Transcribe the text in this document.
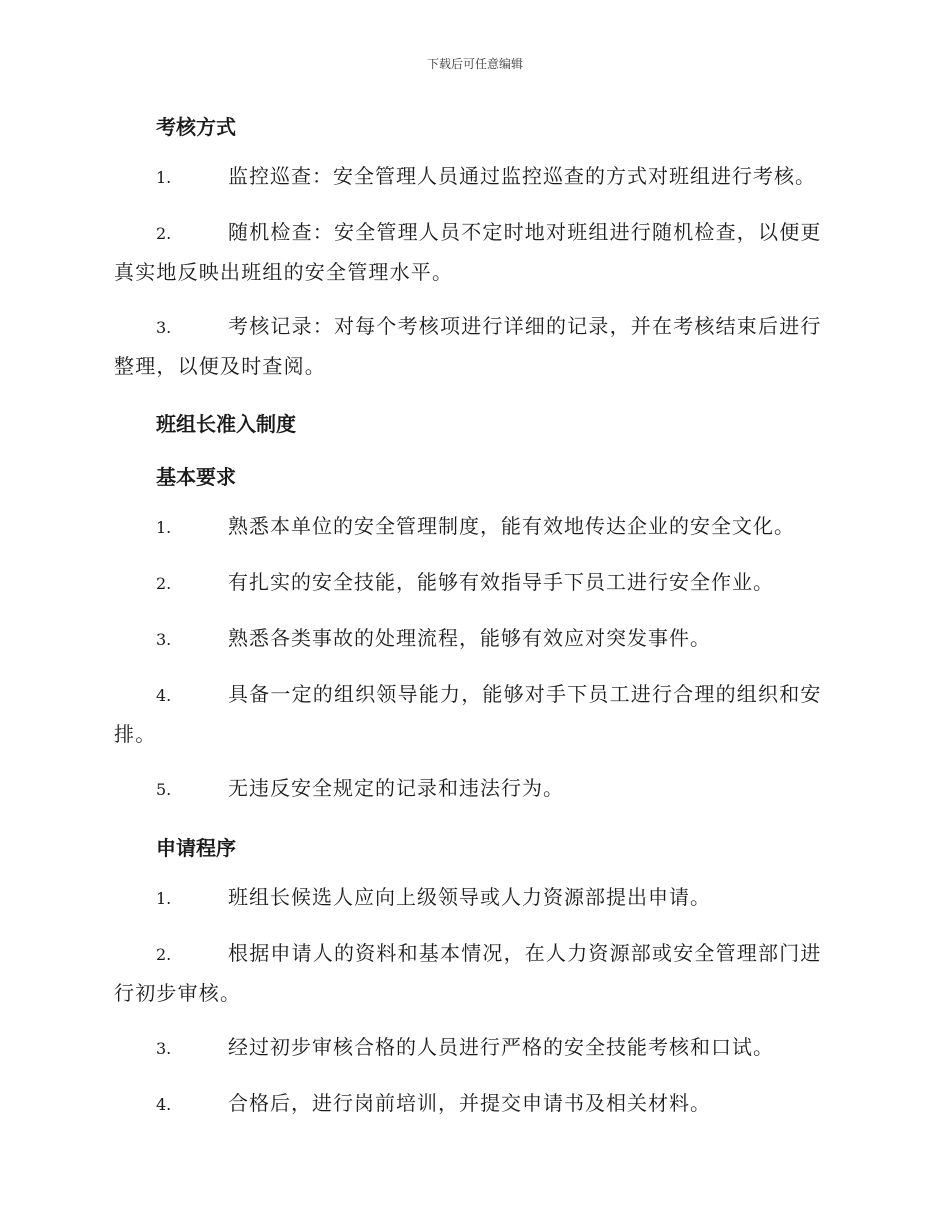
下载后可任意编辑
考核方式
1.	监控巡查：安全管理人员通过监控巡查的方式对班组进行考核。
2.	随机检查：安全管理人员不定时地对班组进行随机检查，以便更真实地反映出班组的安全管理水平。
3.	考核记录：对每个考核项进行详细的记录，并在考核结束后进行整理，以便及时查阅。
班组长准入制度
基本要求
1.	熟悉本单位的安全管理制度，能有效地传达企业的安全文化。
2.	有扎实的安全技能，能够有效指导手下员工进行安全作业。
3.	熟悉各类事故的处理流程，能够有效应对突发事件。
4.	具备一定的组织领导能力，能够对手下员工进行合理的组织和安排。
5.	无违反安全规定的记录和违法行为。
申请程序
1.	班组长候选人应向上级领导或人力资源部提出申请。
2.	根据申请人的资料和基本情况，在人力资源部或安全管理部门进行初步审核。
3.	经过初步审核合格的人员进行严格的安全技能考核和口试。
4.	合格后，进行岗前培训，并提交申请书及相关材料。
